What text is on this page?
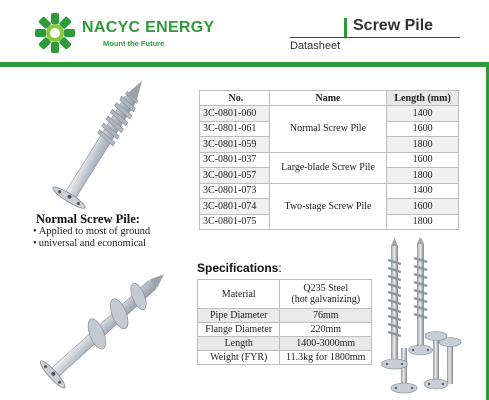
NACYC ENERGY
Mount the Future
Screw Pile
Datasheet
Normal Screw Pile:
• Applied to most of ground
• universal and economical
No.	Name	Length (mm)
3C-0801-060	Normal Screw Pile	1400
3C-0801-061		1600
3C-0801-059		1800
3C-0801-037	Large-blade Screw Pile	1600
3C-0801-057		1800
3C-0801-073	Two-stage Screw Pile	1400
3C-0801-074		1600
3C-0801-075		1800
Specifications:
Material	Q235 Steel
(hot galvanizing)

Pipe Diameter	76mm
Flange Diameter	220mm
Length	1400-3000mm
Weight (FYR)	11.3kg for 1800mm
